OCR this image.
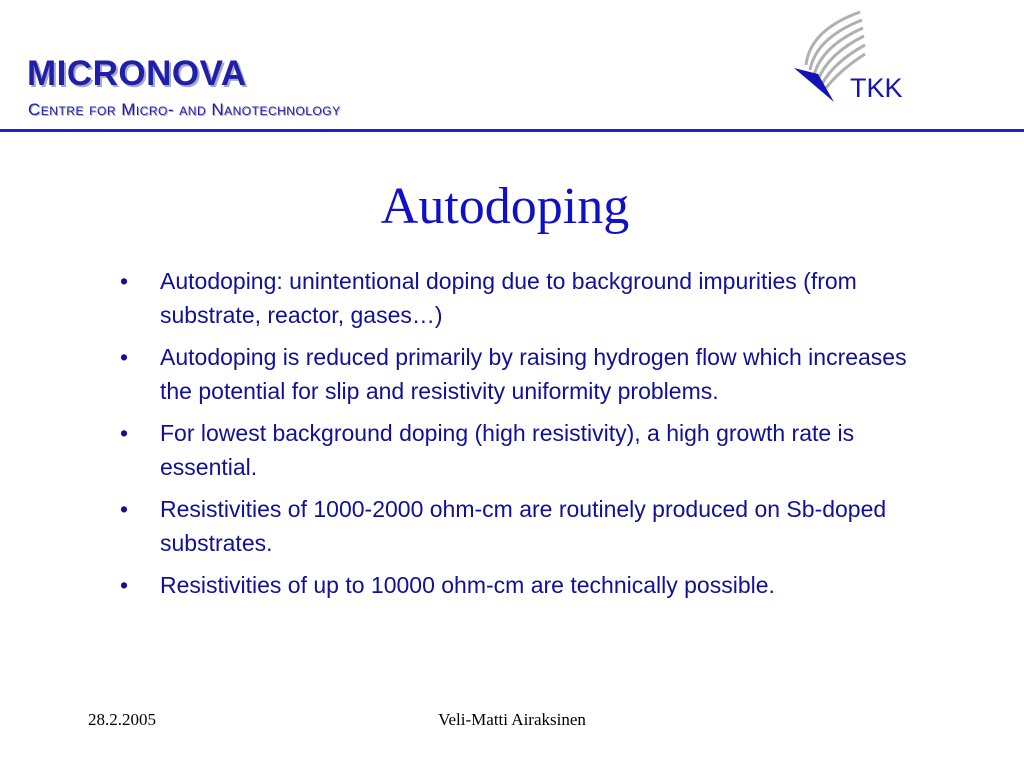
MICRONOVA
Centre for Micro- and Nanotechnology
TKK
Autodoping
• Autodoping: unintentional doping due to background impurities (from substrate, reactor, gases…)
• Autodoping is reduced primarily by raising hydrogen flow which increases the potential for slip and resistivity uniformity problems.
• For lowest background doping (high resistivity), a high growth rate is essential.
• Resistivities of 1000-2000 ohm-cm are routinely produced on Sb-doped substrates.
• Resistivities of up to 10000 ohm-cm are technically possible.
28.2.2005	Veli-Matti Airaksinen
